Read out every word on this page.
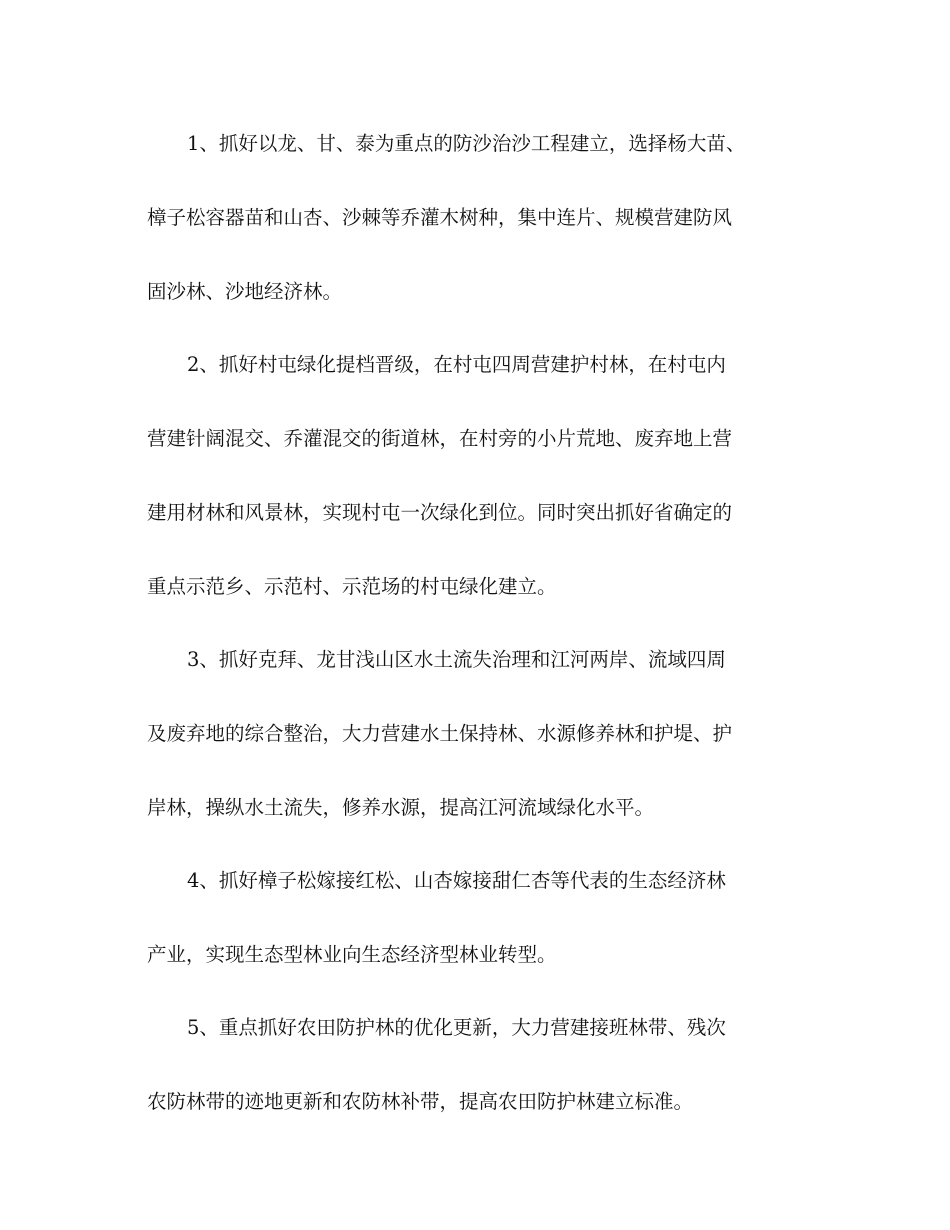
1、抓好以龙、甘、泰为重点的防沙治沙工程建立，选择杨大苗、

樟子松容器苗和山杏、沙棘等乔灌木树种，集中连片、规模营建防风

固沙林、沙地经济林。

2、抓好村屯绿化提档晋级，在村屯四周营建护村林，在村屯内

营建针阔混交、乔灌混交的街道林，在村旁的小片荒地、废弃地上营

建用材林和风景林，实现村屯一次绿化到位。同时突出抓好省确定的

重点示范乡、示范村、示范场的村屯绿化建立。

3、抓好克拜、龙甘浅山区水土流失治理和江河两岸、流域四周

及废弃地的综合整治，大力营建水土保持林、水源修养林和护堤、护

岸林，操纵水土流失，修养水源，提高江河流域绿化水平。

4、抓好樟子松嫁接红松、山杏嫁接甜仁杏等代表的生态经济林

产业，实现生态型林业向生态经济型林业转型。

5、重点抓好农田防护林的优化更新，大力营建接班林带、残次

农防林带的迹地更新和农防林补带，提高农田防护林建立标准。
